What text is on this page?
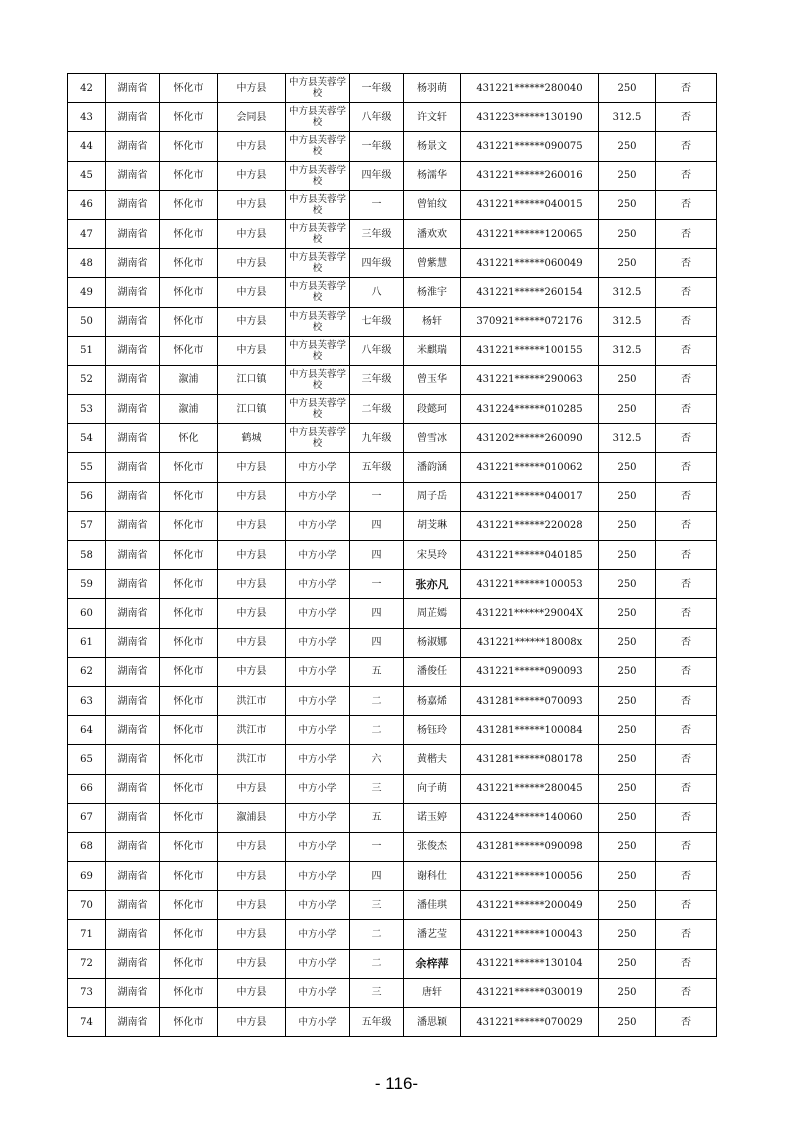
42	湖南省	怀化市	中方县	中方县芙蓉学校	一年级	杨羽萌	431221******280040	250	否
43	湖南省	怀化市	会同县	中方县芙蓉学校	八年级	许文轩	431223******130190	312.5	否
44	湖南省	怀化市	中方县	中方县芙蓉学校	一年级	杨景文	431221******090075	250	否
45	湖南省	怀化市	中方县	中方县芙蓉学校	四年级	杨濡华	431221******260016	250	否
46	湖南省	怀化市	中方县	中方县芙蓉学校	一	曾铂纹	431221******040015	250	否
47	湖南省	怀化市	中方县	中方县芙蓉学校	三年级	潘欢欢	431221******120065	250	否
48	湖南省	怀化市	中方县	中方县芙蓉学校	四年级	曾紫慧	431221******060049	250	否
49	湖南省	怀化市	中方县	中方县芙蓉学校	八	杨淮宇	431221******260154	312.5	否
50	湖南省	怀化市	中方县	中方县芙蓉学校	七年级	杨轩	370921******072176	312.5	否
51	湖南省	怀化市	中方县	中方县芙蓉学校	八年级	米麒瑞	431221******100155	312.5	否
52	湖南省	溆浦	江口镇	中方县芙蓉学校	三年级	曾玉华	431221******290063	250	否
53	湖南省	溆浦	江口镇	中方县芙蓉学校	二年级	段懿珂	431224******010285	250	否
54	湖南省	怀化	鹤城	中方县芙蓉学校	九年级	曾雪冰	431202******260090	312.5	否
55	湖南省	怀化市	中方县	中方小学	五年级	潘韵涵	431221******010062	250	否
56	湖南省	怀化市	中方县	中方小学	一	周子岳	431221******040017	250	否
57	湖南省	怀化市	中方县	中方小学	四	胡芠琳	431221******220028	250	否
58	湖南省	怀化市	中方县	中方小学	四	宋昊玲	431221******040185	250	否
59	湖南省	怀化市	中方县	中方小学	一	张亦凡	431221******100053	250	否
60	湖南省	怀化市	中方县	中方小学	四	周芷嫣	431221******29004X	250	否
61	湖南省	怀化市	中方县	中方小学	四	杨淑娜	431221******18008x	250	否
62	湖南省	怀化市	中方县	中方小学	五	潘俊任	431221******090093	250	否
63	湖南省	怀化市	洪江市	中方小学	二	杨嘉烯	431281******070093	250	否
64	湖南省	怀化市	洪江市	中方小学	二	杨钰玲	431281******100084	250	否
65	湖南省	怀化市	洪江市	中方小学	六	黄楷夫	431281******080178	250	否
66	湖南省	怀化市	中方县	中方小学	三	向子萌	431221******280045	250	否
67	湖南省	怀化市	溆浦县	中方小学	五	诺玉婷	431224******140060	250	否
68	湖南省	怀化市	中方县	中方小学	一	张俊杰	431281******090098	250	否
69	湖南省	怀化市	中方县	中方小学	四	谢科仕	431221******100056	250	否
70	湖南省	怀化市	中方县	中方小学	三	潘佳琪	431221******200049	250	否
71	湖南省	怀化市	中方县	中方小学	二	潘艺莹	431221******100043	250	否
72	湖南省	怀化市	中方县	中方小学	二	余梓萍	431221******130104	250	否
73	湖南省	怀化市	中方县	中方小学	三	唐轩	431221******030019	250	否
74	湖南省	怀化市	中方县	中方小学	五年级	潘思颖	431221******070029	250	否
- 116-
